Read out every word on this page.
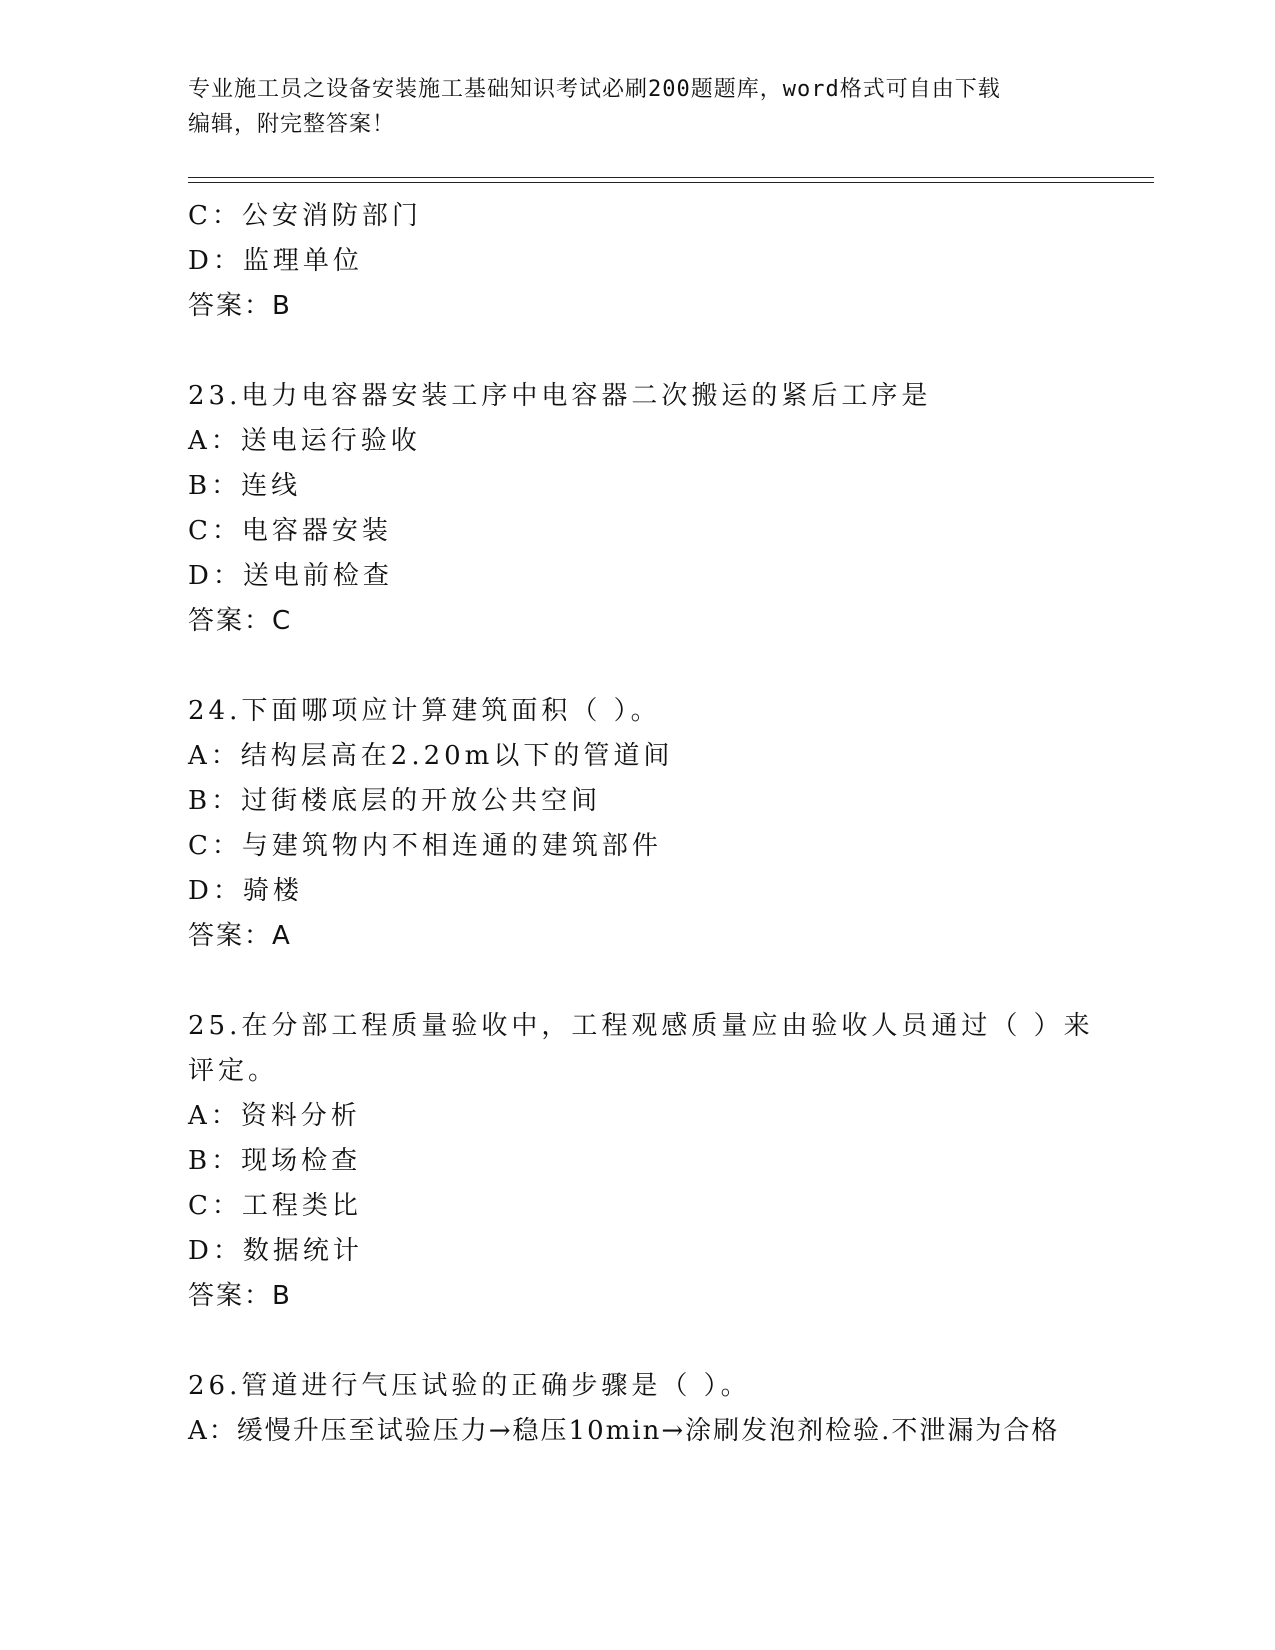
专业施工员之设备安装施工基础知识考试必刷200题题库，word格式可自由下载
编辑，附完整答案！
C：公安消防部门
D：监理单位
答案：B
23.电力电容器安装工序中电容器二次搬运的紧后工序是
A：送电运行验收
B：连线
C：电容器安装
D：送电前检查
答案：C
24.下面哪项应计算建筑面积（ ）。
A：结构层高在2.20m以下的管道间
B：过街楼底层的开放公共空间
C：与建筑物内不相连通的建筑部件
D：骑楼
答案：A
25.在分部工程质量验收中，工程观感质量应由验收人员通过（ ）来
评定。
A：资料分析
B：现场检查
C：工程类比
D：数据统计
答案：B
26.管道进行气压试验的正确步骤是（ ）。
A：缓慢升压至试验压力→稳压10min→涂刷发泡剂检验.不泄漏为合格
